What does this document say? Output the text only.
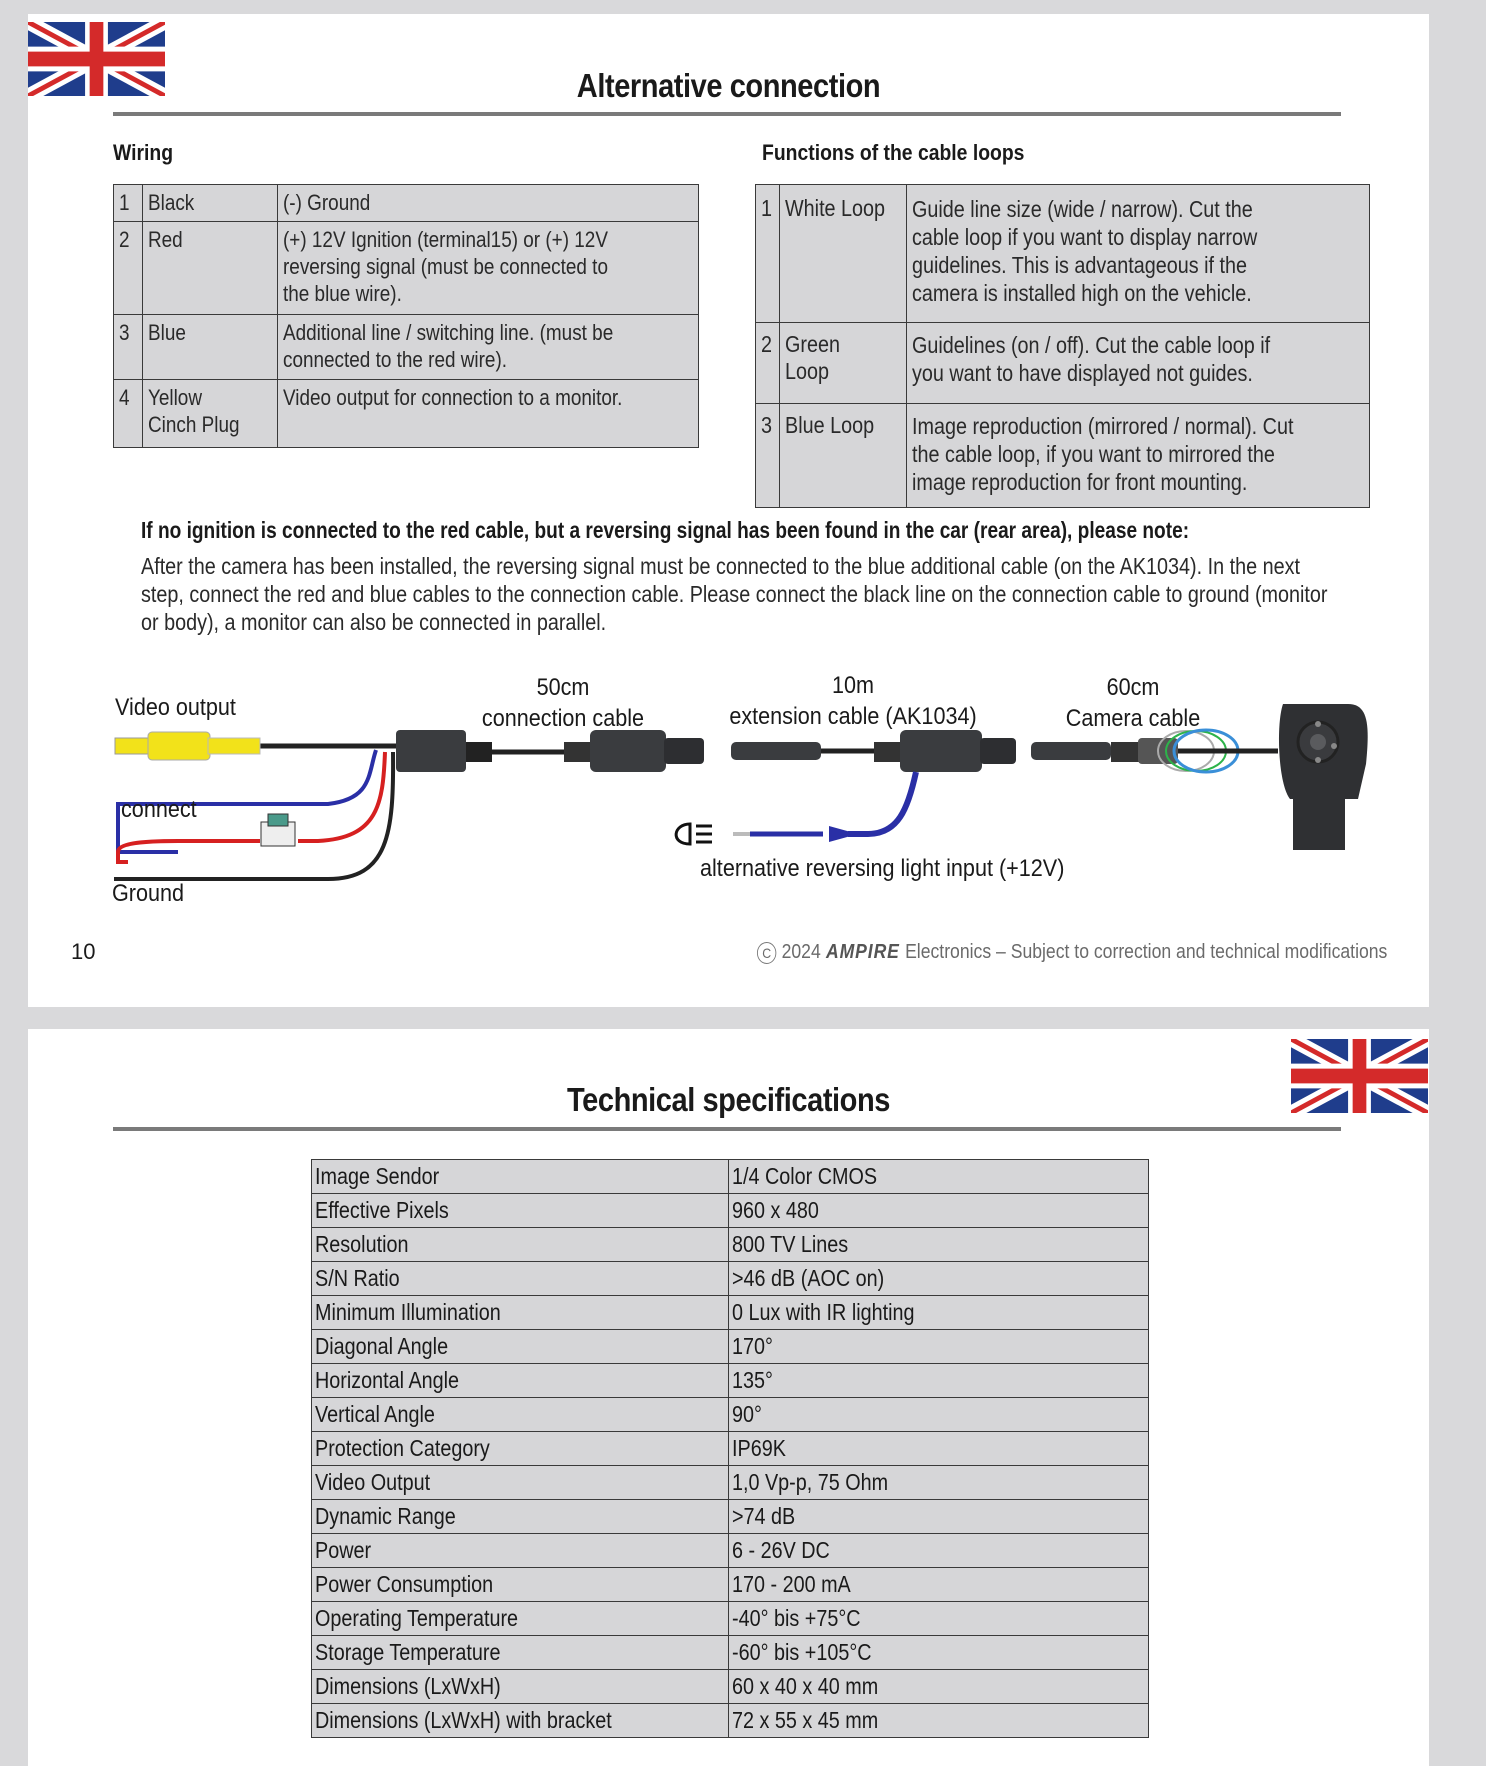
Alternative connection
Wiring
1	Black	(-) Ground
2	Red	(+) 12V Ignition (terminal15) or (+) 12V reversing signal (must be connected to the blue wire).

3	Blue	Additional line / switching line. (must be connected to the red wire).

4	Yellow Cinch Plug	Video output for connection to a monitor.
Functions of the cable loops
1	White Loop	Guide line size (wide / narrow). Cut the cable loop if you want to display narrow guidelines. This is advantageous if the camera is installed high on the vehicle.

2	Green Loop	Guidelines (on / off). Cut the cable loop if you want to have displayed not guides.

3	Blue Loop	Image reproduction (mirrored / normal). Cut the cable loop, if you want to mirrored the image reproduction for front mounting.
If no ignition is connected to the red cable, but a reversing signal has been found in the car (rear area), please note:
After the camera has been installed, the reversing signal must be connected to the blue additional cable (on the AK1034). In the next step, connect the red and blue cables to the connection cable. Please connect the black line on the connection cable to ground (monitor or body), a monitor can also be connected in parallel.
Video output
connect
Ground
50cm
connection cable
10m
extension cable (AK1034)
60cm
Camera cable
alternative reversing light input (+12V)
10	C 2024 AMPIRE Electronics – Subject to correction and technical modifications
Technical specifications
Image Sendor	1/4 Color CMOS
Effective Pixels	960 x 480
Resolution	800 TV Lines
S/N Ratio	>46 dB (AOC on)
Minimum Illumination	0 Lux with IR lighting
Diagonal Angle	170°
Horizontal Angle	135°
Vertical Angle	90°
Protection Category	IP69K
Video Output	1,0 Vp-p, 75 Ohm
Dynamic Range	>74 dB
Power	6 - 26V DC
Power Consumption	170 - 200 mA
Operating Temperature	-40° bis +75°C
Storage Temperature	-60° bis +105°C
Dimensions (LxWxH)	60 x 40 x 40 mm
Dimensions (LxWxH) with bracket	72 x 55 x 45 mm
